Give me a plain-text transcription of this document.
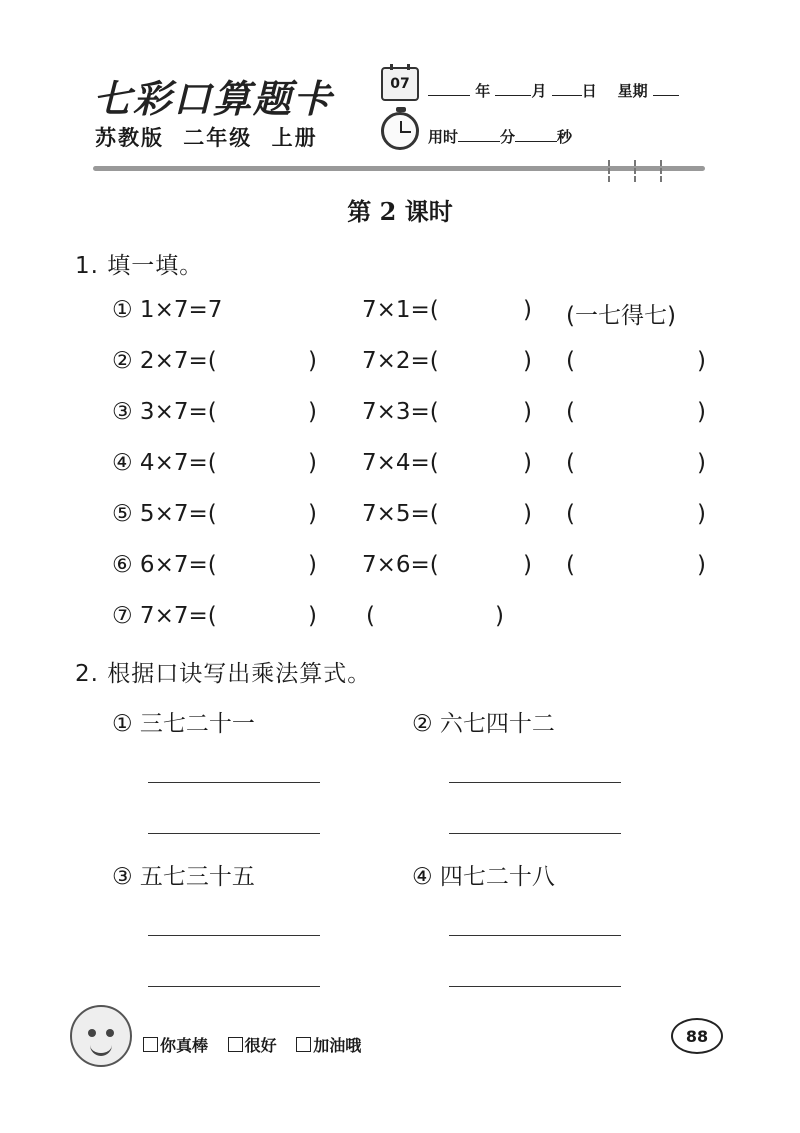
七彩口算题卡
苏教版 二年级 上册
07	年	月 日 星期
用时	分	秒
第 2 课时
1. 填一填。
① 1×7=7	7×1=(	) (一七得七)
② 2×7=(	) 7×2=(	) (	)
③ 3×7=(	) 7×3=(	) (	)
④ 4×7=(	) 7×4=(	) (	)
⑤ 5×7=(	) 7×5=(	) (	)
⑥ 6×7=(	) 7×6=(	) (	)
⑦ 7×7=(	) (	)
2. 根据口诀写出乘法算式。
① 三七二十一	② 六七四十二
③ 五七三十五	④ 四七二十八
你真棒 很好 加油哦	88
